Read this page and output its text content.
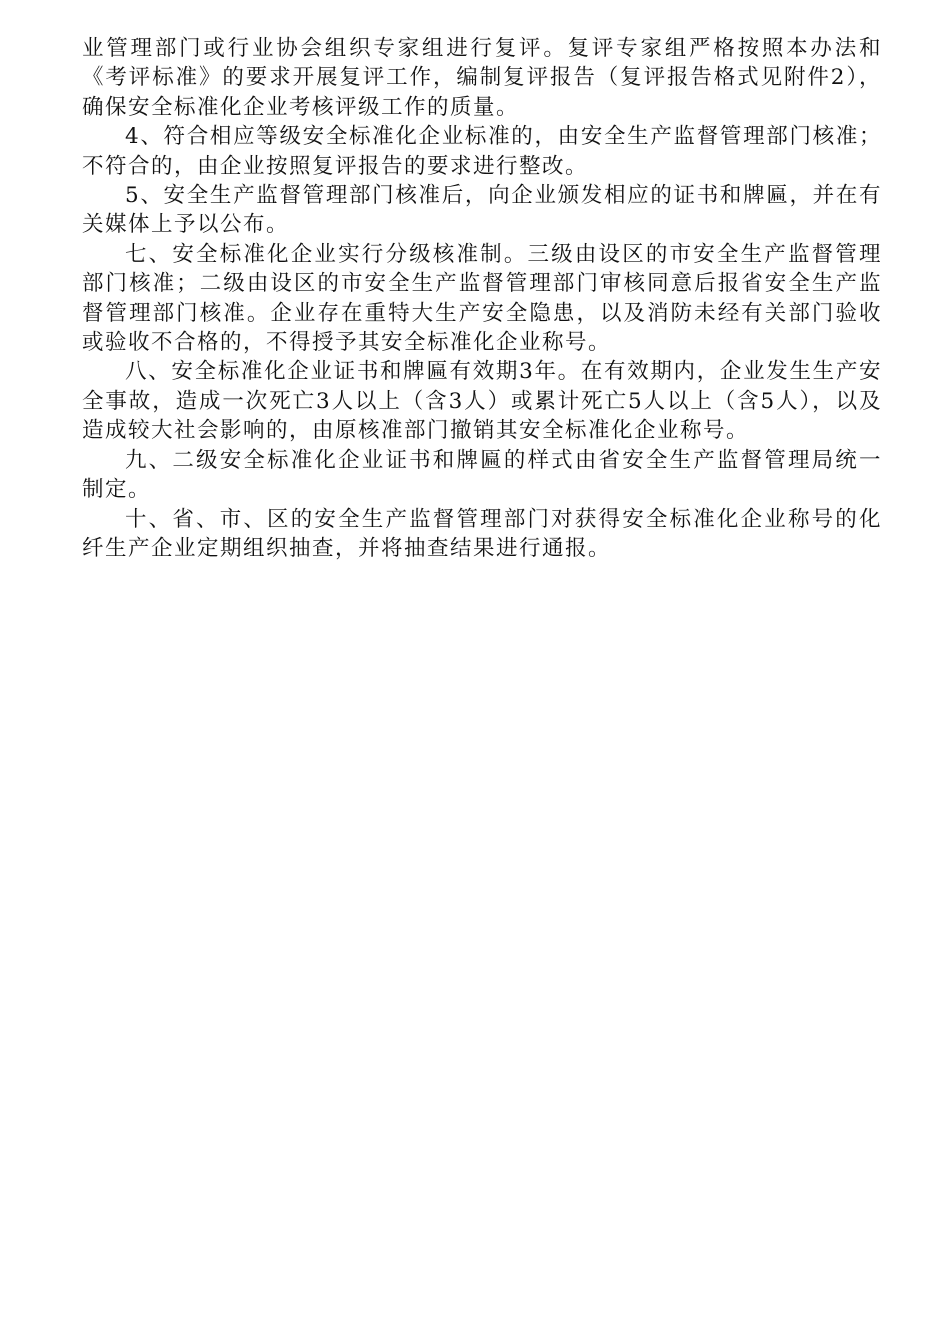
业管理部门或行业协会组织专家组进行复评。复评专家组严格按照本办法和《考评标准》的要求开展复评工作，编制复评报告（复评报告格式见附件2），确保安全标准化企业考核评级工作的质量。

4、符合相应等级安全标准化企业标准的，由安全生产监督管理部门核准；不符合的，由企业按照复评报告的要求进行整改。

5、安全生产监督管理部门核准后，向企业颁发相应的证书和牌匾，并在有关媒体上予以公布。

七、安全标准化企业实行分级核准制。三级由设区的市安全生产监督管理部门核准；二级由设区的市安全生产监督管理部门审核同意后报省安全生产监督管理部门核准。企业存在重特大生产安全隐患，以及消防未经有关部门验收或验收不合格的，不得授予其安全标准化企业称号。

八、安全标准化企业证书和牌匾有效期3年。在有效期内，企业发生生产安全事故，造成一次死亡3人以上（含3人）或累计死亡5人以上（含5人），以及造成较大社会影响的，由原核准部门撤销其安全标准化企业称号。

九、二级安全标准化企业证书和牌匾的样式由省安全生产监督管理局统一制定。

十、省、市、区的安全生产监督管理部门对获得安全标准化企业称号的化纤生产企业定期组织抽查，并将抽查结果进行通报。
